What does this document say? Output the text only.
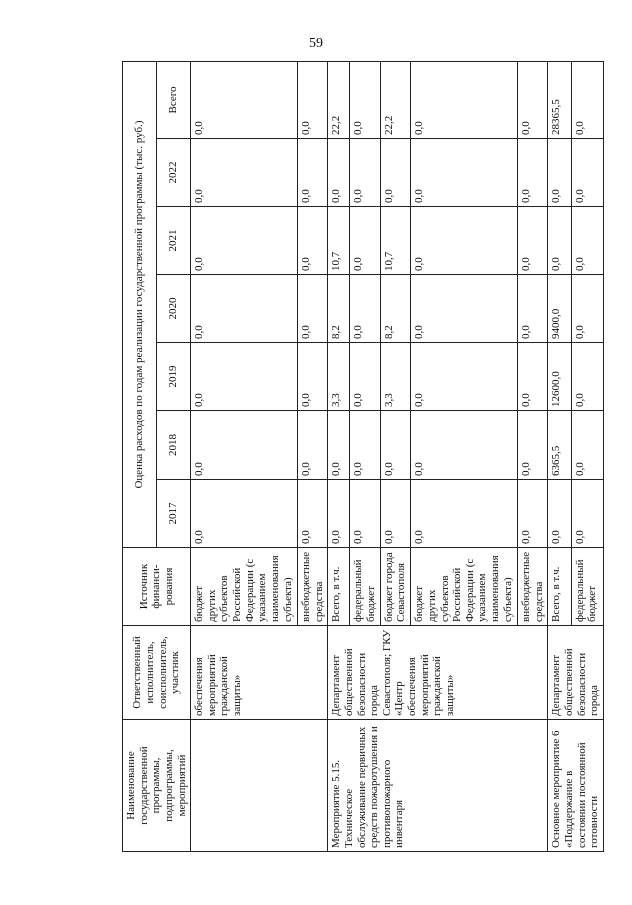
59
Наименование государственной программы, подпрограммы, мероприятий	Ответственный исполнитель, соисполнитель, участник	Источник финанси-рования	Оценка расходов по годам реализации государственной программы (тыс. руб.)						
			2017	2018	2019	2020	2021	2022	Всего
	обеспечения мероприятий гражданской защиты»	бюджет других субъектов Российской Федерации (с указанием наименования субъекта)	0,0	0,0	0,0	0,0	0,0	0,0	0,0
		внебюджетные средства	0,0	0,0	0,0	0,0	0,0	0,0	0,0
Мероприятие 5.15. Техническое обслуживание первичных средств пожаротушения и противопожарного инвентаря	Департамент общественной безопасности города Севастополя; ГКУ «Центр обеспечения мероприятий гражданской защиты»	Всего, в т.ч.	0,0	0,0	3,3	8,2	10,7	0,0	22,2
		федеральный бюджет	0,0	0,0	0,0	0,0	0,0	0,0	0,0
		бюджет города Севастополя	0,0	0,0	3,3	8,2	10,7	0,0	22,2
		бюджет других субъектов Российской Федерации (с указанием наименования субъекта)	0,0	0,0	0,0	0,0	0,0	0,0	0,0
		внебюджетные средства	0,0	0,0	0,0	0,0	0,0	0,0	0,0
Основное мероприятие 6 «Поддержание в состоянии постоянной готовности	Департамент общественной безопасности города	Всего, в т.ч.	0,0	6365,5	12600,0	9400,0	0,0	0,0	28365,5
		федеральный бюджет	0,0	0,0	0,0	0,0	0,0	0,0	0,0
